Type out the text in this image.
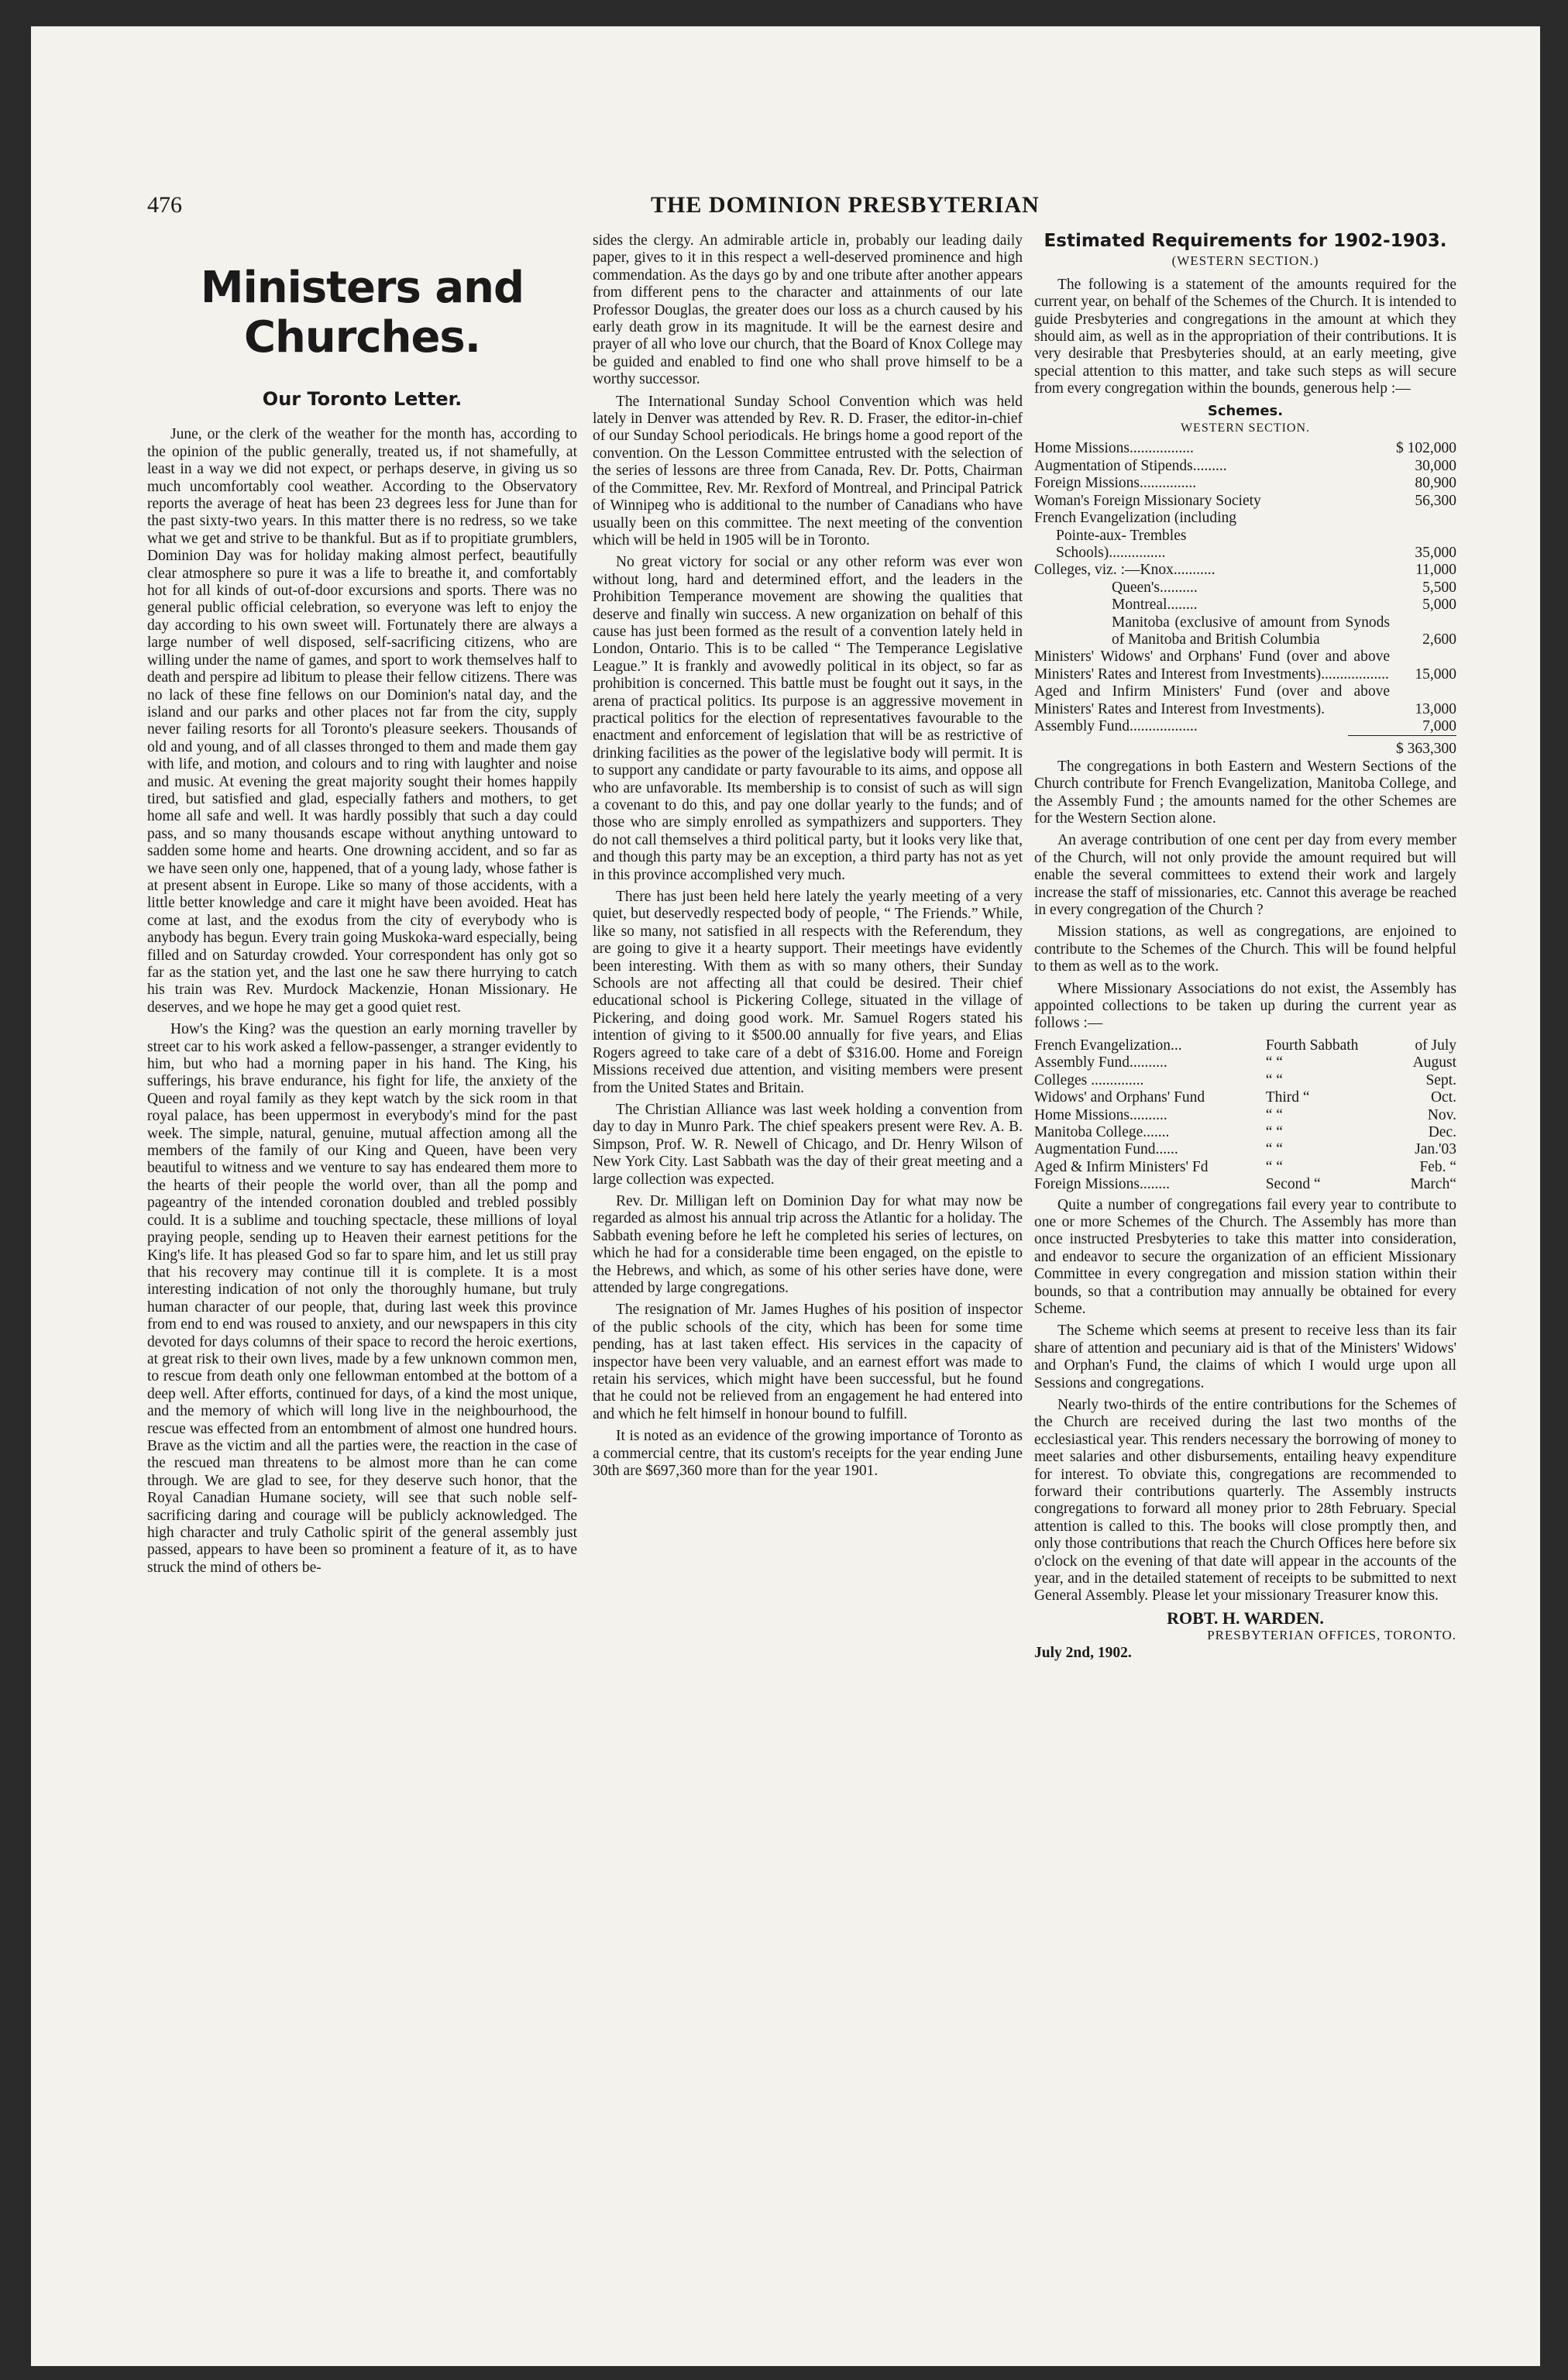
476	THE DOMINION PRESBYTERIAN
Ministers and Churches.
Our Toronto Letter.

June, or the clerk of the weather for the month has, according to the opinion of the public generally, treated us, if not shamefully, at least in a way we did not expect, or perhaps deserve, in giving us so much uncomfortably cool weather. According to the Observatory reports the average of heat has been 23 degrees less for June than for the past sixty-two years. In this matter there is no redress, so we take what we get and strive to be thankful. But as if to propitiate grumblers, Dominion Day was for holiday making almost perfect, beautifully clear atmosphere so pure it was a life to breathe it, and comfortably hot for all kinds of out-of-door excursions and sports. There was no general public official celebration, so everyone was left to enjoy the day according to his own sweet will. Fortunately there are always a large number of well disposed, self-sacrificing citizens, who are willing under the name of games, and sport to work themselves half to death and perspire ad libitum to please their fellow citizens. There was no lack of these fine fellows on our Dominion's natal day, and the island and our parks and other places not far from the city, supply never failing resorts for all Toronto's pleasure seekers. Thousands of old and young, and of all classes thronged to them and made them gay with life, and motion, and colours and to ring with laughter and noise and music. At evening the great majority sought their homes happily tired, but satisfied and glad, especially fathers and mothers, to get home all safe and well. It was hardly possibly that such a day could pass, and so many thousands escape without anything untoward to sadden some home and hearts. One drowning accident, and so far as we have seen only one, happened, that of a young lady, whose father is at present absent in Europe. Like so many of those accidents, with a little better knowledge and care it might have been avoided. Heat has come at last, and the exodus from the city of everybody who is anybody has begun. Every train going Muskoka-ward especially, being filled and on Saturday crowded. Your correspondent has only got so far as the station yet, and the last one he saw there hurrying to catch his train was Rev. Murdock Mackenzie, Honan Missionary. He deserves, and we hope he may get a good quiet rest.

How's the King? was the question an early morning traveller by street car to his work asked a fellow-passenger, a stranger evidently to him, but who had a morning paper in his hand. The King, his sufferings, his brave endurance, his fight for life, the anxiety of the Queen and royal family as they kept watch by the sick room in that royal palace, has been uppermost in everybody's mind for the past week. The simple, natural, genuine, mutual affection among all the members of the family of our King and Queen, have been very beautiful to witness and we venture to say has endeared them more to the hearts of their people the world over, than all the pomp and pageantry of the intended coronation doubled and trebled possibly could. It is a sublime and touching spectacle, these millions of loyal praying people, sending up to Heaven their earnest petitions for the King's life. It has pleased God so far to spare him, and let us still pray that his recovery may continue till it is complete. It is a most interesting indication of not only the thoroughly humane, but truly human character of our people, that, during last week this province from end to end was roused to anxiety, and our newspapers in this city devoted for days columns of their space to record the heroic exertions, at great risk to their own lives, made by a few unknown common men, to rescue from death only one fellowman entombed at the bottom of a deep well. After efforts, continued for days, of a kind the most unique, and the memory of which will long live in the neighbourhood, the rescue was effected from an entombment of almost one hundred hours. Brave as the victim and all the parties were, the reaction in the case of the rescued man threatens to be almost more than he can come through. We are glad to see, for they deserve such honor, that the Royal Canadian Humane society, will see that such noble self-sacrificing daring and courage will be publicly acknowledged. The high character and truly Catholic spirit of the general assembly just passed, appears to have been so prominent a feature of it, as to have struck the mind of others be-

sides the clergy. An admirable article in, probably our leading daily paper, gives to it in this respect a well-deserved prominence and high commendation. As the days go by and one tribute after another appears from different pens to the character and attainments of our late Professor Douglas, the greater does our loss as a church caused by his early death grow in its magnitude. It will be the earnest desire and prayer of all who love our church, that the Board of Knox College may be guided and enabled to find one who shall prove himself to be a worthy successor.

The International Sunday School Convention which was held lately in Denver was attended by Rev. R. D. Fraser, the editor-in-chief of our Sunday School periodicals. He brings home a good report of the convention. On the Lesson Committee entrusted with the selection of the series of lessons are three from Canada, Rev. Dr. Potts, Chairman of the Committee, Rev. Mr. Rexford of Montreal, and Principal Patrick of Winnipeg who is additional to the number of Canadians who have usually been on this committee. The next meeting of the convention which will be held in 1905 will be in Toronto.

No great victory for social or any other reform was ever won without long, hard and determined effort, and the leaders in the Prohibition Temperance movement are showing the qualities that deserve and finally win success. A new organization on behalf of this cause has just been formed as the result of a convention lately held in London, Ontario. This is to be called “ The Temperance Legislative League.” It is frankly and avowedly political in its object, so far as prohibition is concerned. This battle must be fought out it says, in the arena of practical politics. Its purpose is an aggressive movement in practical politics for the election of representatives favourable to the enactment and enforcement of legislation that will be as restrictive of drinking facilities as the power of the legislative body will permit. It is to support any candidate or party favourable to its aims, and oppose all who are unfavorable. Its membership is to consist of such as will sign a covenant to do this, and pay one dollar yearly to the funds; and of those who are simply enrolled as sympathizers and supporters. They do not call themselves a third political party, but it looks very like that, and though this party may be an exception, a third party has not as yet in this province accomplished very much.

There has just been held here lately the yearly meeting of a very quiet, but deservedly respected body of people, “ The Friends.” While, like so many, not satisfied in all respects with the Referendum, they are going to give it a hearty support. Their meetings have evidently been interesting. With them as with so many others, their Sunday Schools are not affecting all that could be desired. Their chief educational school is Pickering College, situated in the village of Pickering, and doing good work. Mr. Samuel Rogers stated his intention of giving to it $500.00 annually for five years, and Elias Rogers agreed to take care of a debt of $316.00. Home and Foreign Missions received due attention, and visiting members were present from the United States and Britain.

The Christian Alliance was last week holding a convention from day to day in Munro Park. The chief speakers present were Rev. A. B. Simpson, Prof. W. R. Newell of Chicago, and Dr. Henry Wilson of New York City. Last Sabbath was the day of their great meeting and a large collection was expected.

Rev. Dr. Milligan left on Dominion Day for what may now be regarded as almost his annual trip across the Atlantic for a holiday. The Sabbath evening before he left he completed his series of lectures, on which he had for a considerable time been engaged, on the epistle to the Hebrews, and which, as some of his other series have done, were attended by large congregations.

The resignation of Mr. James Hughes of his position of inspector of the public schools of the city, which has been for some time pending, has at last taken effect. His services in the capacity of inspector have been very valuable, and an earnest effort was made to retain his services, which might have been successful, but he found that he could not be relieved from an engagement he had entered into and which he felt himself in honour bound to fulfill.

It is noted as an evidence of the growing importance of Toronto as a commercial centre, that its custom's receipts for the year ending June 30th are $697,360 more than for the year 1901.

Estimated Requirements for 1902-1903.
(WESTERN SECTION.)

The following is a statement of the amounts required for the current year, on behalf of the Schemes of the Church. It is intended to guide Presbyteries and congregations in the amount at which they should aim, as well as in the appropriation of their contributions. It is very desirable that Presbyteries should, at an early meeting, give special attention to this matter, and take such steps as will secure from every congregation within the bounds, generous help :—

Schemes.
WESTERN SECTION.
Home Missions.................	$ 102,000
Augmentation of Stipends.........	30,000
Foreign Missions...............	80,900
Woman's Foreign Missionary Society	56,300
French Evangelization (including	
Pointe-aux- Trembles	
Schools)...............	35,000
Colleges, viz. :—Knox...........	11,000
Queen's..........	5,500
Montreal........	5,000
Manitoba (exclusive of amount from Synods of Manitoba and British Columbia	2,600
Ministers' Widows' and Orphans' Fund (over and above Ministers' Rates and Interest from Investments)..................	15,000
Aged and Infirm Ministers' Fund (over and above Ministers' Rates and Interest from Investments).	13,000
Assembly Fund..................	7,000
	$ 363,300

The congregations in both Eastern and Western Sections of the Church contribute for French Evangelization, Manitoba College, and the Assembly Fund ; the amounts named for the other Schemes are for the Western Section alone.

An average contribution of one cent per day from every member of the Church, will not only provide the amount required but will enable the several committees to extend their work and largely increase the staff of missionaries, etc. Cannot this average be reached in every congregation of the Church ?

Mission stations, as well as congregations, are enjoined to contribute to the Schemes of the Church. This will be found helpful to them as well as to the work.

Where Missionary Associations do not exist, the Assembly has appointed collections to be taken up during the current year as follows :—

French Evangelization...	Fourth Sabbath	of July
Assembly Fund..........	“ “	August
Colleges ..............	“ “	Sept.
Widows' and Orphans' Fund	Third “	Oct.
Home Missions..........	“ “	Nov.
Manitoba College.......	“ “	Dec.
Augmentation Fund......	“ “	Jan.'03
Aged & Infirm Ministers' Fd	“ “	Feb. “
Foreign Missions........	Second “	March“

Quite a number of congregations fail every year to contribute to one or more Schemes of the Church. The Assembly has more than once instructed Presbyteries to take this matter into consideration, and endeavor to secure the organization of an efficient Missionary Committee in every congregation and mission station within their bounds, so that a contribution may annually be obtained for every Scheme.

The Scheme which seems at present to receive less than its fair share of attention and pecuniary aid is that of the Ministers' Widows' and Orphan's Fund, the claims of which I would urge upon all Sessions and congregations.

Nearly two-thirds of the entire contributions for the Schemes of the Church are received during the last two months of the ecclesiastical year. This renders necessary the borrowing of money to meet salaries and other disbursements, entailing heavy expenditure for interest. To obviate this, congregations are recommended to forward their contributions quarterly. The Assembly instructs congregations to forward all money prior to 28th February. Special attention is called to this. The books will close promptly then, and only those contributions that reach the Church Offices here before six o'clock on the evening of that date will appear in the accounts of the year, and in the detailed statement of receipts to be submitted to next General Assembly. Please let your missionary Treasurer know this.

ROBT. H. WARDEN.
PRESBYTERIAN OFFICES, TORONTO.
July 2nd, 1902.
